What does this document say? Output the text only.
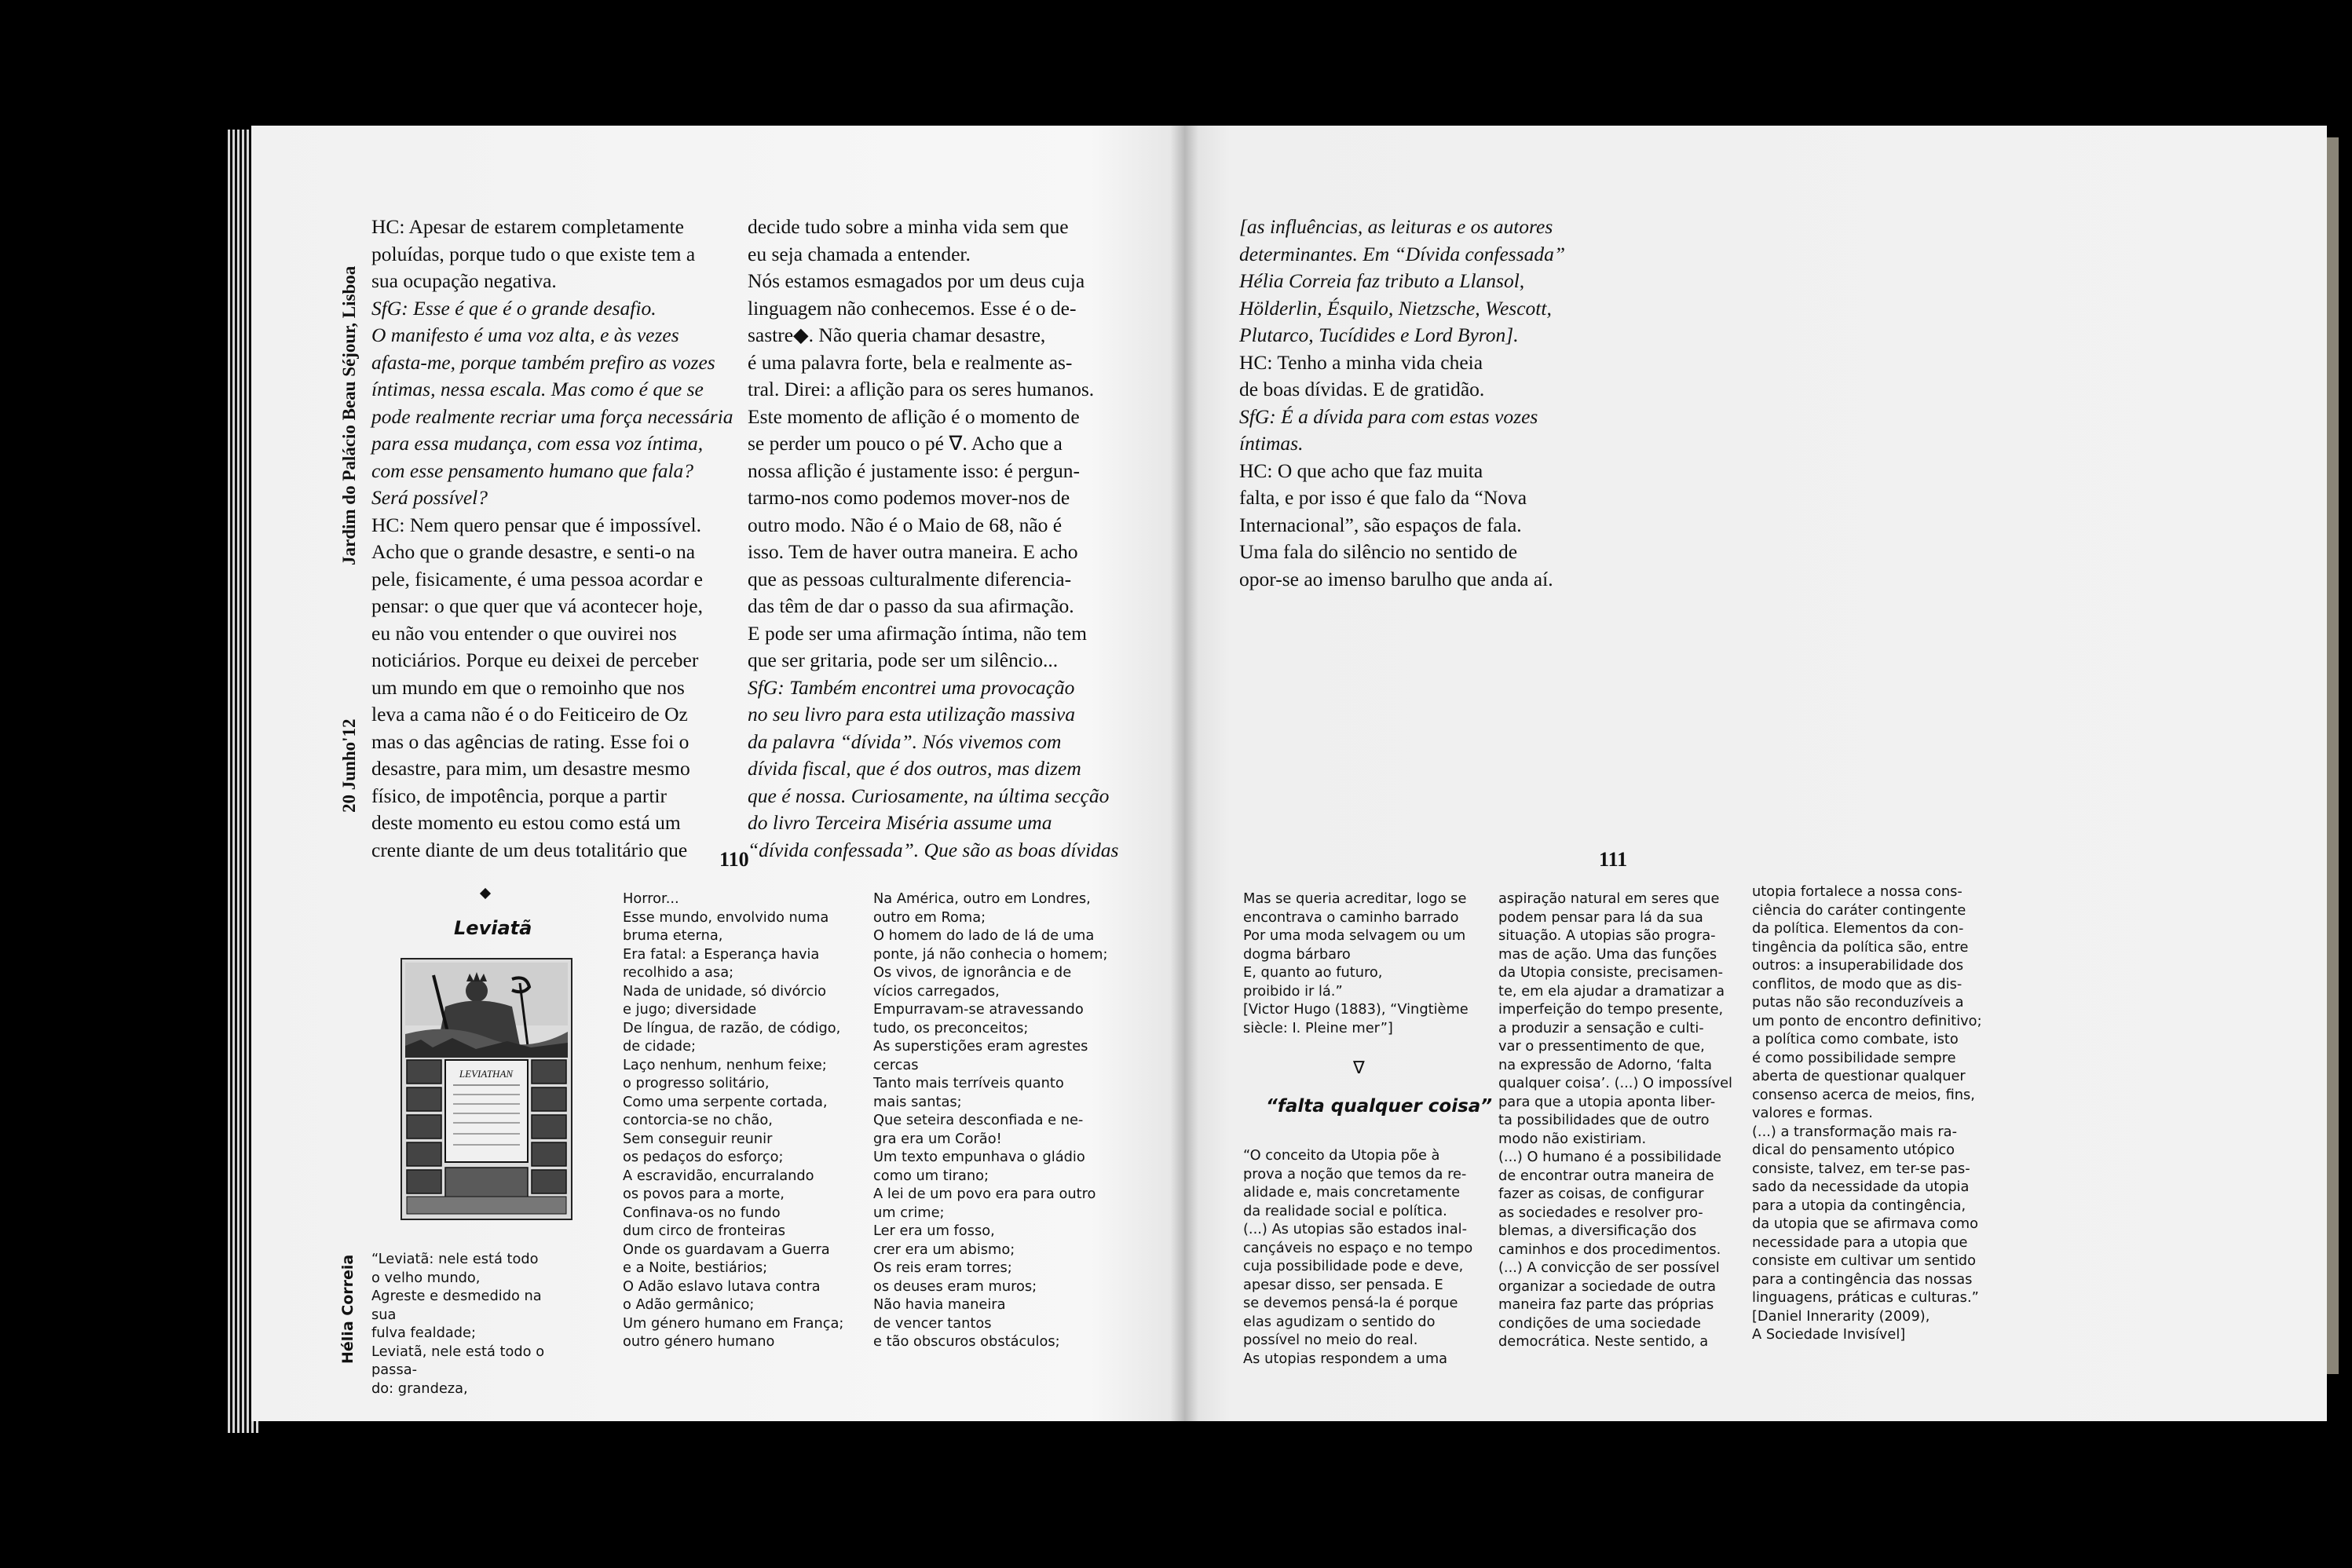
Jardim do Palácio Beau Séjour, Lisboa
20 Junho'12

HC: Apesar de estarem completamente

poluídas, porque tudo o que existe tem a

sua ocupação negativa.

SfG: Esse é que é o grande desafio.

O manifesto é uma voz alta, e às vezes

afasta-me, porque também prefiro as vozes

íntimas, nessa escala. Mas como é que se

pode realmente recriar uma força necessária

para essa mudança, com essa voz íntima,

com esse pensamento humano que fala?

Será possível?

HC: Nem quero pensar que é impossível.

Acho que o grande desastre, e senti-o na

pele, fisicamente, é uma pessoa acordar e

pensar: o que quer que vá acontecer hoje,

eu não vou entender o que ouvirei nos

noticiários. Porque eu deixei de perceber

um mundo em que o remoinho que nos

leva a cama não é o do Feiticeiro de Oz

mas o das agências de rating. Esse foi o

desastre, para mim, um desastre mesmo

físico, de impotência, porque a partir

deste momento eu estou como está um

crente diante de um deus totalitário que

decide tudo sobre a minha vida sem que

eu seja chamada a entender.

Nós estamos esmagados por um deus cuja

linguagem não conhecemos. Esse é o de-

sastre◆. Não queria chamar desastre,

é uma palavra forte, bela e realmente as-

tral. Direi: a aflição para os seres humanos.

Este momento de aflição é o momento de

se perder um pouco o pé ∇. Acho que a

nossa aflição é justamente isso: é pergun-

tarmo-nos como podemos mover-nos de

outro modo. Não é o Maio de 68, não é

isso. Tem de haver outra maneira. E acho

que as pessoas culturalmente diferencia-

das têm de dar o passo da sua afirmação.

E pode ser uma afirmação íntima, não tem

que ser gritaria, pode ser um silêncio...

SfG: Também encontrei uma provocação

no seu livro para esta utilização massiva

da palavra “dívida”. Nós vivemos com

dívida fiscal, que é dos outros, mas dizem

que é nossa. Curiosamente, na última secção

do livro Terceira Miséria assume uma

“dívida confessada”. Que são as boas dívidas

110
Hélia Correia
Leviatã
LEVIATHAN
“Leviatã: nele está todo
o velho mundo,
Agreste e desmedido na sua
fulva fealdade;
Leviatã, nele está todo o passa-
do: grandeza,
Horror...
Esse mundo, envolvido numa
bruma eterna,
Era fatal: a Esperança havia
recolhido a asa;
Nada de unidade, só divórcio
e jugo; diversidade
De língua, de razão, de código,
de cidade;
Laço nenhum, nenhum feixe;
o progresso solitário,
Como uma serpente cortada,
contorcia-se no chão,
Sem conseguir reunir
os pedaços do esforço;
A escravidão, encurralando
os povos para a morte,
Confinava-os no fundo
dum circo de fronteiras
Onde os guardavam a Guerra
e a Noite, bestiários;
O Adão eslavo lutava contra
o Adão germânico;
Um género humano em França;
outro género humano
Na América, outro em Londres,
outro em Roma;
O homem do lado de lá de uma
ponte, já não conhecia o homem;
Os vivos, de ignorância e de
vícios carregados,
Empurravam-se atravessando
tudo, os preconceitos;
As superstições eram agrestes
cercas
Tanto mais terríveis quanto
mais santas;
Que seteira desconfiada e ne-
gra era um Corão!
Um texto empunhava o gládio
como um tirano;
A lei de um povo era para outro
um crime;
Ler era um fosso,
crer era um abismo;
Os reis eram torres;
os deuses eram muros;
Não havia maneira
de vencer tantos
e tão obscuros obstáculos;

[as influências, as leituras e os autores

determinantes. Em “Dívida confessada”

Hélia Correia faz tributo a Llansol,

Hölderlin, Ésquilo, Nietzsche, Wescott,

Plutarco, Tucídides e Lord Byron].

HC: Tenho a minha vida cheia

de boas dívidas. E de gratidão.

SfG: É a dívida para com estas vozes

íntimas.

HC: O que acho que faz muita

falta, e por isso é que falo da “Nova

Internacional”, são espaços de fala.

Uma fala do silêncio no sentido de

opor-se ao imenso barulho que anda aí.

111
Mas se queria acreditar, logo se
encontrava o caminho barrado
Por uma moda selvagem ou um
dogma bárbaro
E, quanto ao futuro,
proibido ir lá.”
[Victor Hugo (1883), “Vingtième
siècle: I. Pleine mer”]
∇
“falta qualquer coisa”
“O conceito da Utopia põe à
prova a noção que temos da re-
alidade e, mais concretamente
da realidade social e política.
(...) As utopias são estados inal-
cançáveis no espaço e no tempo
cuja possibilidade pode e deve,
apesar disso, ser pensada. E
se devemos pensá-la é porque
elas agudizam o sentido do
possível no meio do real.
As utopias respondem a uma
aspiração natural em seres que
podem pensar para lá da sua
situação. A utopias são progra-
mas de ação. Uma das funções
da Utopia consiste, precisamen-
te, em ela ajudar a dramatizar a
imperfeição do tempo presente,
a produzir a sensação e culti-
var o pressentimento de que,
na expressão de Adorno, ‘falta
qualquer coisa’. (...) O impossível
para que a utopia aponta liber-
ta possibilidades que de outro
modo não existiriam.
(...) O humano é a possibilidade
de encontrar outra maneira de
fazer as coisas, de configurar
as sociedades e resolver pro-
blemas, a diversificação dos
caminhos e dos procedimentos.
(...) A convicção de ser possível
organizar a sociedade de outra
maneira faz parte das próprias
condições de uma sociedade
democrática. Neste sentido, a
utopia fortalece a nossa cons-
ciência do caráter contingente
da política. Elementos da con-
tingência da política são, entre
outros: a insuperabilidade dos
conflitos, de modo que as dis-
putas não são reconduzíveis a
um ponto de encontro definitivo;
a política como combate, isto
é como possibilidade sempre
aberta de questionar qualquer
consenso acerca de meios, fins,
valores e formas.
(...) a transformação mais ra-
dical do pensamento utópico
consiste, talvez, em ter-se pas-
sado da necessidade da utopia
para a utopia da contingência,
da utopia que se afirmava como
necessidade para a utopia que
consiste em cultivar um sentido
para a contingência das nossas
linguagens, práticas e culturas.”
[Daniel Innerarity (2009),
A Sociedade Invisível]
